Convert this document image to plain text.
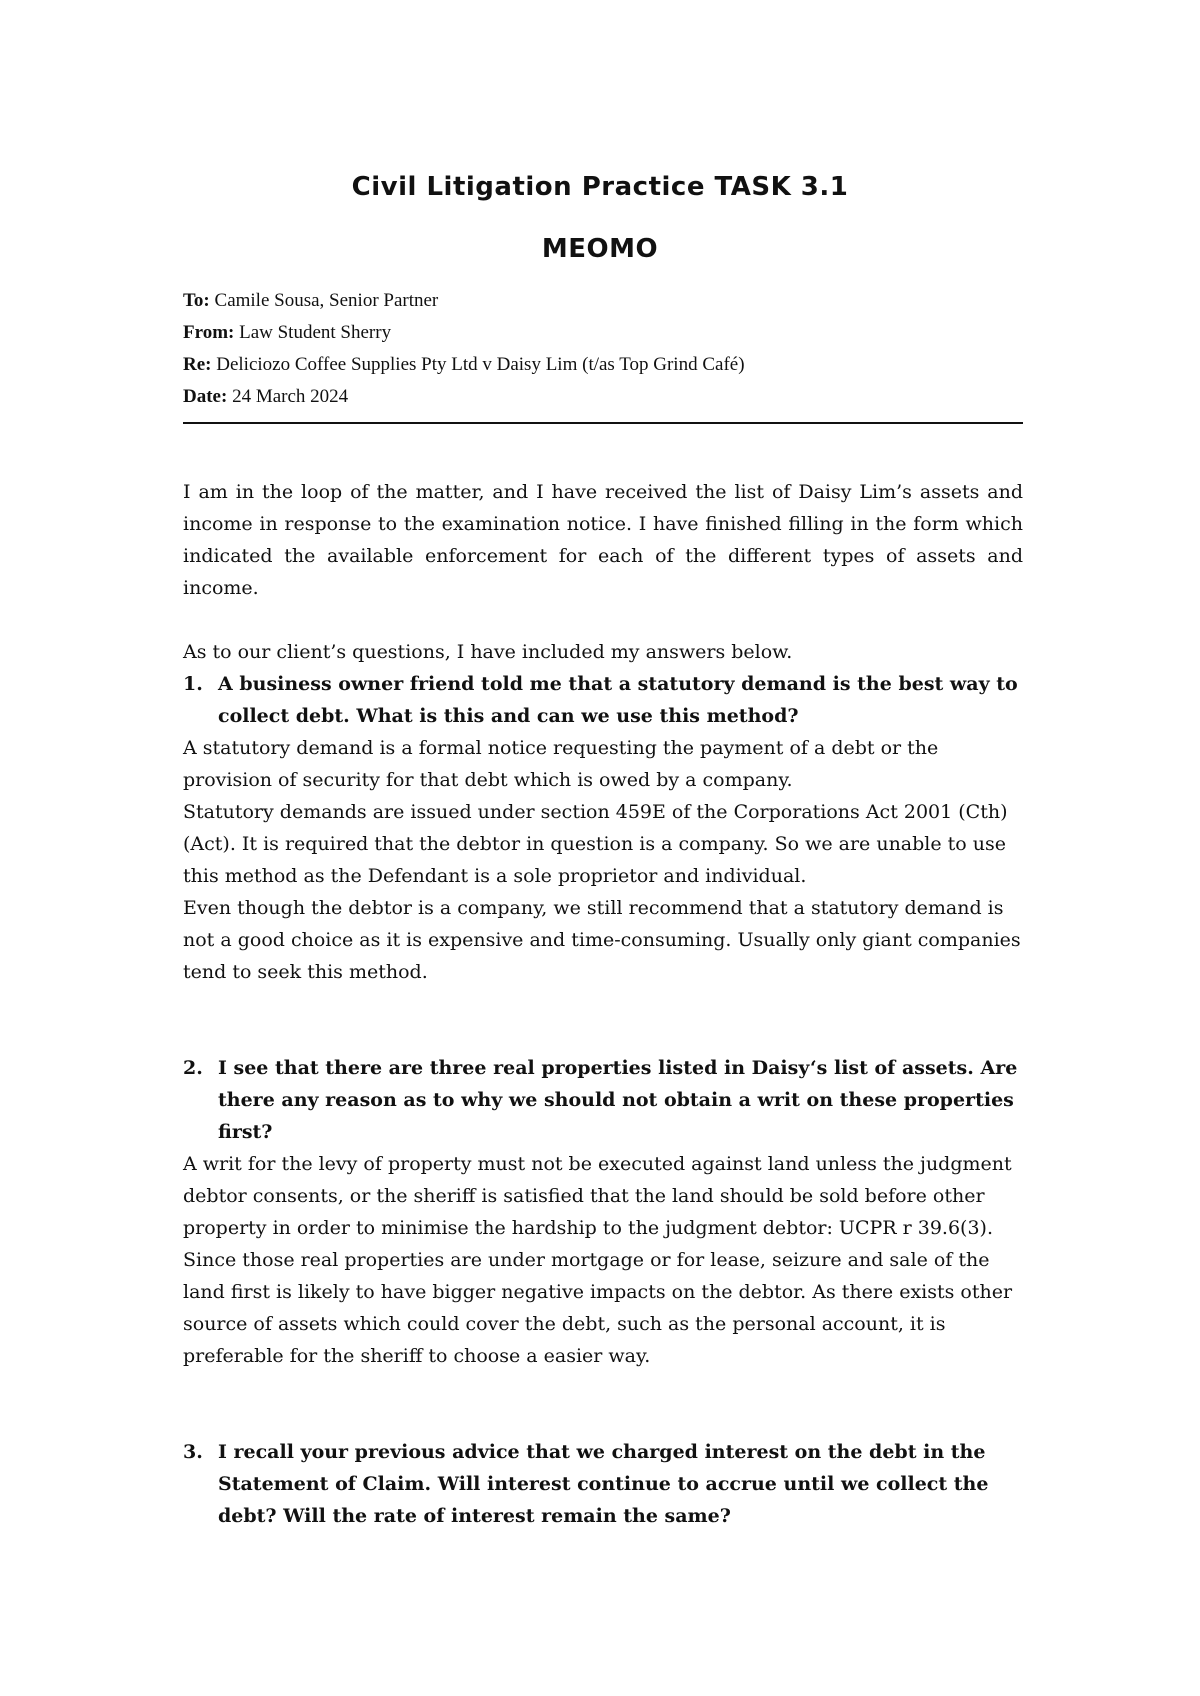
Civil Litigation Practice TASK 3.1
MEOMO
To: Camile Sousa, Senior Partner
From: Law Student Sherry
Re: Deliciozo Coffee Supplies Pty Ltd v Daisy Lim (t/as Top Grind Café)
Date: 24 March 2024

I am in the loop of the matter, and I have received the list of Daisy Lim’s assets and income in response to the examination notice. I have finished filling in the form which indicated the available enforcement for each of the different types of assets and income.

As to our client’s questions, I have included my answers below.

1. A business owner friend told me that a statutory demand is the best way to collect debt. What is this and can we use this method?
A statutory demand is a formal notice requesting the payment of a debt or the provision of security for that debt which is owed by a company.
Statutory demands are issued under section 459E of the Corporations Act 2001 (Cth) (Act). It is required that the debtor in question is a company. So we are unable to use this method as the Defendant is a sole proprietor and individual.
Even though the debtor is a company, we still recommend that a statutory demand is not a good choice as it is expensive and time-consuming. Usually only giant companies tend to seek this method.
2. I see that there are three real properties listed in Daisy‘s list of assets. Are there any reason as to why we should not obtain a writ on these properties first?
A writ for the levy of property must not be executed against land unless the judgment debtor consents, or the sheriff is satisfied that the land should be sold before other property in order to minimise the hardship to the judgment debtor: UCPR r 39.6(3). Since those real properties are under mortgage or for lease, seizure and sale of the land first is likely to have bigger negative impacts on the debtor. As there exists other source of assets which could cover the debt, such as the personal account, it is preferable for the sheriff to choose a easier way.
3. I recall your previous advice that we charged interest on the debt in the Statement of Claim. Will interest continue to accrue until we collect the debt? Will the rate of interest remain the same?
